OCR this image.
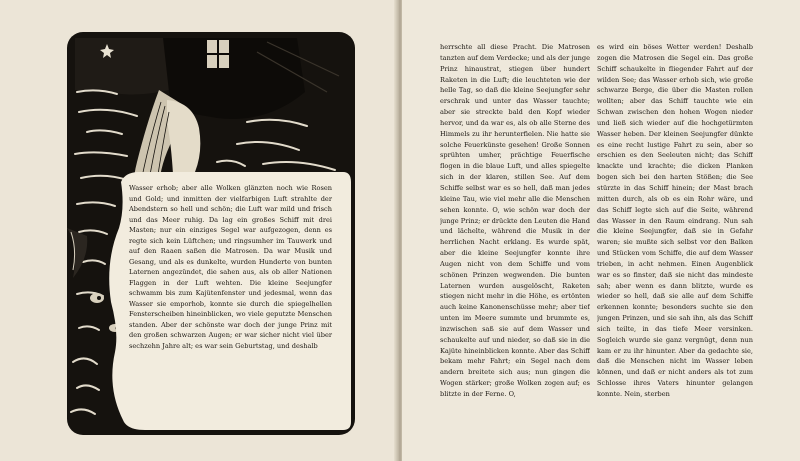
Wasser erhob; aber alle Wolken glänzten noch wie Rosen und Gold; und inmitten der vielfarbigen Luft strahlte der Abendstern so hell und schön; die Luft war mild und frisch und das Meer ruhig. Da lag ein großes Schiff mit drei Masten; nur ein einziges Segel war aufgezogen, denn es regte sich kein Lüftchen; und ringsumher im Tauwerk und auf den Raaen saßen die Matrosen. Da war Musik und Gesang, und als es dunkelte, wurden Hunderte von bunten Laternen angezündet, die sahen aus, als ob aller Nationen Flaggen in der Luft wehten. Die kleine Seejungfer schwamm bis zum Kajütenfenster und jedesmal, wenn das Wasser sie emporhob, konnte sie durch die spiegelhellen Fensterscheiben hineinblicken, wo viele geputzte Menschen standen. Aber der schönste war doch der junge Prinz mit den großen schwarzen Augen; er war sicher nicht viel über sechzehn Jahre alt; es war sein Geburtstag, und deshalb

herrschte all diese Pracht. Die Matrosen tanzten auf dem Verdecke; und als der junge Prinz hinaustrat, stiegen über hundert Raketen in die Luft; die leuchteten wie der helle Tag, so daß die kleine Seejungfer sehr erschrak und unter das Wasser tauchte; aber sie streckte bald den Kopf wieder hervor, und da war es, als ob alle Sterne des Himmels zu ihr herunterfielen. Nie hatte sie solche Feuerkünste gesehen! Große Sonnen sprühten umher, prächtige Feuerfische flogen in die blaue Luft, und alles spiegelte sich in der klaren, stillen See. Auf dem Schiffe selbst war es so hell, daß man jedes kleine Tau, wie viel mehr alle die Menschen sehen konnte. O, wie schön war doch der junge Prinz; er drückte den Leuten die Hand und lächelte, während die Musik in der herrlichen Nacht erklang. Es wurde spät, aber die kleine Seejungfer konnte ihre Augen nicht von dem Schiffe und vom schönen Prinzen wegwenden. Die bunten Laternen wurden ausgelöscht, Raketen stiegen nicht mehr in die Höhe, es ertönten auch keine Kanonenschüsse mehr; aber tief unten im Meere summte und brummte es, inzwischen saß sie auf dem Wasser und schaukelte auf und nieder, so daß sie in die Kajüte hineinblicken konnte. Aber das Schiff bekam mehr Fahrt; ein Segel nach dem andern breitete sich aus; nun gingen die Wogen stärker; große Wolken zogen auf; es blitzte in der Ferne. O,

es wird ein böses Wetter werden! Deshalb zogen die Matrosen die Segel ein. Das große Schiff schaukelte in fliegender Fahrt auf der wilden See; das Wasser erhob sich, wie große schwarze Berge, die über die Masten rollen wollten; aber das Schiff tauchte wie ein Schwan zwischen den hohen Wogen nieder und ließ sich wieder auf die hochgetürmten Wasser heben. Der kleinen Seejungfer dünkte es eine recht lustige Fahrt zu sein, aber so erschien es den Seeleuten nicht; das Schiff knackte und krachte; die dicken Planken bogen sich bei den harten Stößen; die See stürzte in das Schiff hinein; der Mast brach mitten durch, als ob es ein Rohr wäre, und das Schiff legte sich auf die Seite, während das Wasser in den Raum eindrang. Nun sah die kleine Seejungfer, daß sie in Gefahr waren; sie mußte sich selbst vor den Balken und Stücken vom Schiffe, die auf dem Wasser trieben, in acht nehmen. Einen Augenblick war es so finster, daß sie nicht das mindeste sah; aber wenn es dann blitzte, wurde es wieder so hell, daß sie alle auf dem Schiffe erkennen konnte; besonders suchte sie den jungen Prinzen, und sie sah ihn, als das Schiff sich teilte, in das tiefe Meer versinken. Sogleich wurde sie ganz vergnügt, denn nun kam er zu ihr hinunter. Aber da gedachte sie, daß die Menschen nicht im Wasser leben können, und daß er nicht anders als tot zum Schlosse ihres Vaters hinunter gelangen konnte. Nein, sterben
